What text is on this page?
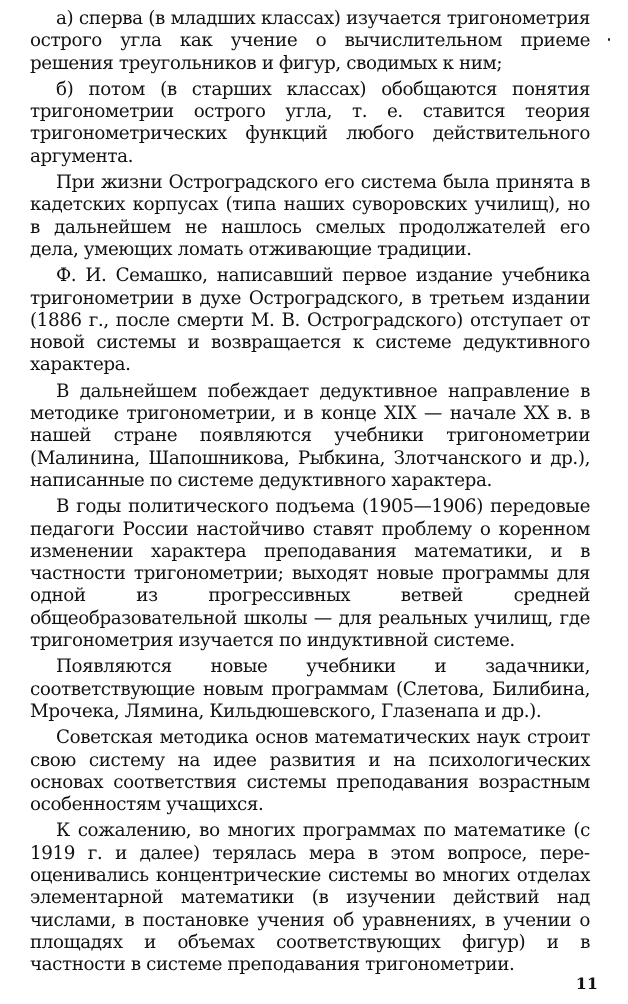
а) сперва (в младших классах) изучается тригонометрия острого угла как учение о вычислительном приеме решения треугольников и фигур, сводимых к ним;

б) потом (в старших классах) обобщаются понятия тригонометрии острого угла, т. е. ставится теория тригонометрических функций любого действительного аргумента.

При жизни Остроградского его система была принята в кадетских корпусах (типа наших суворовских училищ), но в дальнейшем не нашлось смелых продолжателей его дела, умеющих ломать отживающие традиции.

Ф. И. Семашко, написавший первое издание учебника тригонометрии в духе Остроградского, в третьем издании (1886 г., после смерти М. В. Остроградского) отступает от новой системы и возвращается к системе дедуктивного характера.

В дальнейшем побеждает дедуктивное направление в методике тригонометрии, и в конце XIX — начале XX в. в нашей стране появляются учебники тригонометрии (Малинина, Шапошникова, Рыбкина, Злотчанского и др.), написанные по системе дедуктивного характера.

В годы политического подъема (1905—1906) передовые педагоги России настойчиво ставят проблему о коренном изменении характера преподавания математики, и в частности тригонометрии; выходят новые программы для одной из прогрессивных ветвей средней общеобразовательной школы — для реальных училищ, где тригонометрия изучается по индуктивной системе.

Появляются новые учебники и задачники, соответствующие новым программам (Слетова, Билибина, Мрочека, Лямина, Кильдюшевского, Глазенапа и др.).

Советская методика основ математических наук строит свою систему на идее развития и на психологических основах соответствия системы преподавания возрастным особенностям учащихся.

К сожалению, во многих программах по математике (с 1919 г. и далее) терялась мера в этом вопросе, переоценивались концентрические системы во многих отделах элементарной математики (в изучении действий над числами, в постановке учения об уравнениях, в учении о площадях и объемах соответствующих фигур) и в частности в системе преподавания тригонометрии.

11
